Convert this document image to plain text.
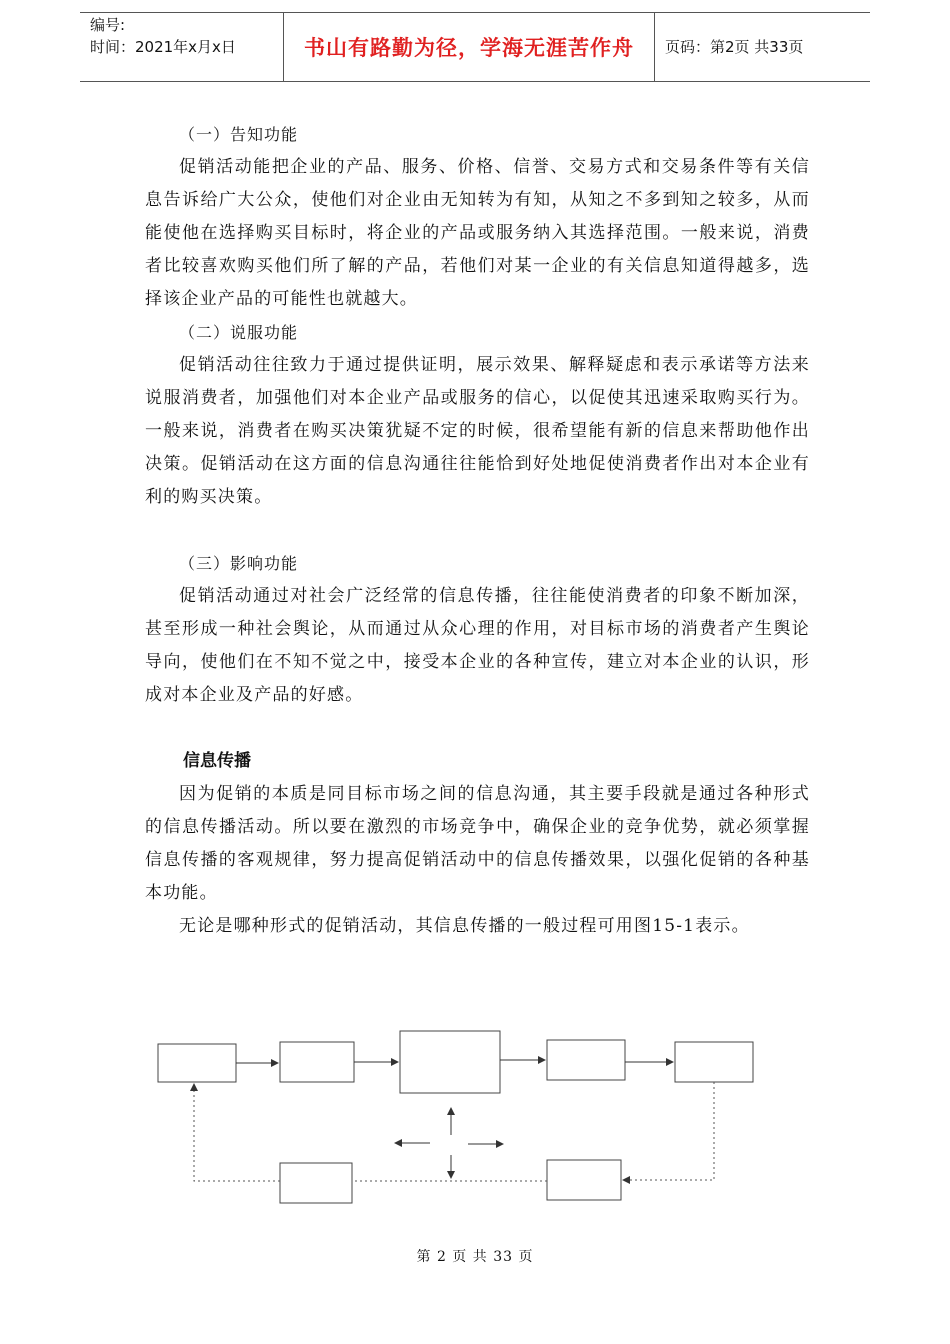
编号:
时间：2021年x月x日	书山有路勤为径，学海无涯苦作舟 页码：第2页 共33页

（一）告知功能

促销活动能把企业的产品、服务、价格、信誉、交易方式和交易条件等有关信息告诉给广大公众，使他们对企业由无知转为有知，从知之不多到知之较多，从而能使他在选择购买目标时，将企业的产品或服务纳入其选择范围。一般来说，消费者比较喜欢购买他们所了解的产品，若他们对某一企业的有关信息知道得越多，选择该企业产品的可能性也就越大。

（二）说服功能

促销活动往往致力于通过提供证明，展示效果、解释疑虑和表示承诺等方法来说服消费者，加强他们对本企业产品或服务的信心，以促使其迅速采取购买行为。一般来说，消费者在购买决策犹疑不定的时候，很希望能有新的信息来帮助他作出决策。促销活动在这方面的信息沟通往往能恰到好处地促使消费者作出对本企业有利的购买决策。

（三）影响功能

促销活动通过对社会广泛经常的信息传播，往往能使消费者的印象不断加深，甚至形成一种社会舆论，从而通过从众心理的作用，对目标市场的消费者产生舆论导向，使他们在不知不觉之中，接受本企业的各种宣传，建立对本企业的认识，形成对本企业及产品的好感。

信息传播

因为促销的本质是同目标市场之间的信息沟通，其主要手段就是通过各种形式的信息传播活动。所以要在激烈的市场竞争中，确保企业的竞争优势，就必须掌握信息传播的客观规律，努力提高促销活动中的信息传播效果，以强化促销的各种基本功能。

无论是哪种形式的促销活动，其信息传播的一般过程可用图15-1表示。

第 2 页 共 33 页
